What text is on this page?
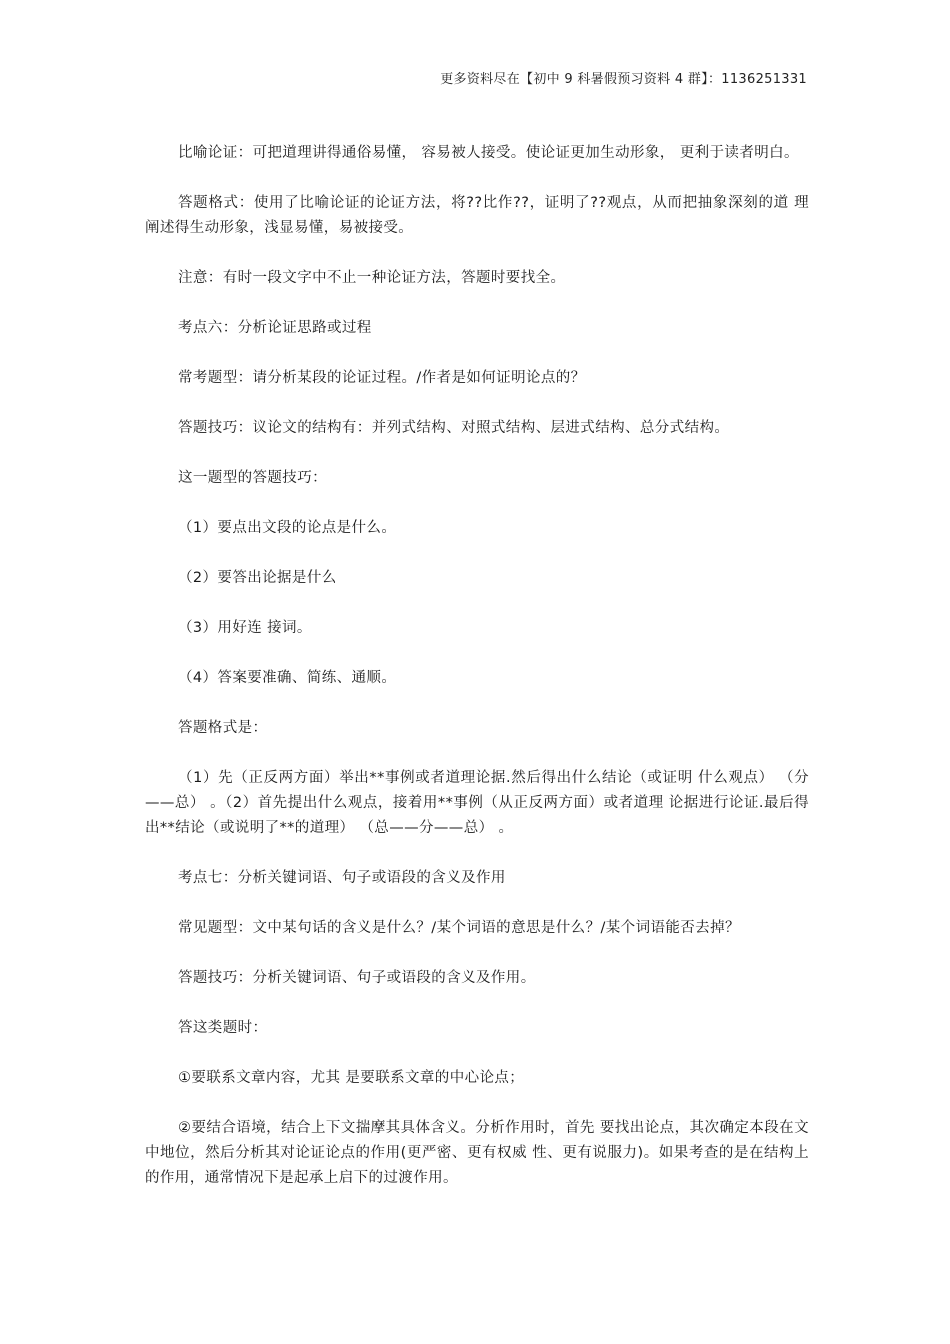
更多资料尽在【初中 9 科暑假预习资料 4 群】：1136251331

比喻论证：可把道理讲得通俗易懂， 容易被人接受。使论证更加生动形象， 更利于读者明白。

答题格式：使用了比喻论证的论证方法，将??比作??，证明了??观点，从而把抽象深刻的道 理阐述得生动形象，浅显易懂，易被接受。

注意：有时一段文字中不止一种论证方法，答题时要找全。

考点六：分析论证思路或过程

常考题型：请分析某段的论证过程。/作者是如何证明论点的？

答题技巧：议论文的结构有：并列式结构、对照式结构、层进式结构、总分式结构。

这一题型的答题技巧：

（1）要点出文段的论点是什么。

（2）要答出论据是什么

（3）用好连 接词。

（4）答案要准确、简练、通顺。

答题格式是：

（1）先（正反两方面）举出**事例或者道理论据.然后得出什么结论（或证明 什么观点） （分——总） 。（2）首先提出什么观点，接着用**事例（从正反两方面）或者道理 论据进行论证.最后得出**结论（或说明了**的道理） （总——分——总） 。

考点七：分析关键词语、句子或语段的含义及作用

常见题型：文中某句话的含义是什么？/某个词语的意思是什么？/某个词语能否去掉？

答题技巧：分析关键词语、句子或语段的含义及作用。

答这类题时：

①要联系文章内容，尤其 是要联系文章的中心论点；

②要结合语境，结合上下文揣摩其具体含义。分析作用时，首先 要找出论点，其次确定本段在文中地位，然后分析其对论证论点的作用(更严密、更有权威 性、更有说服力)。如果考查的是在结构上的作用，通常情况下是起承上启下的过渡作用。
